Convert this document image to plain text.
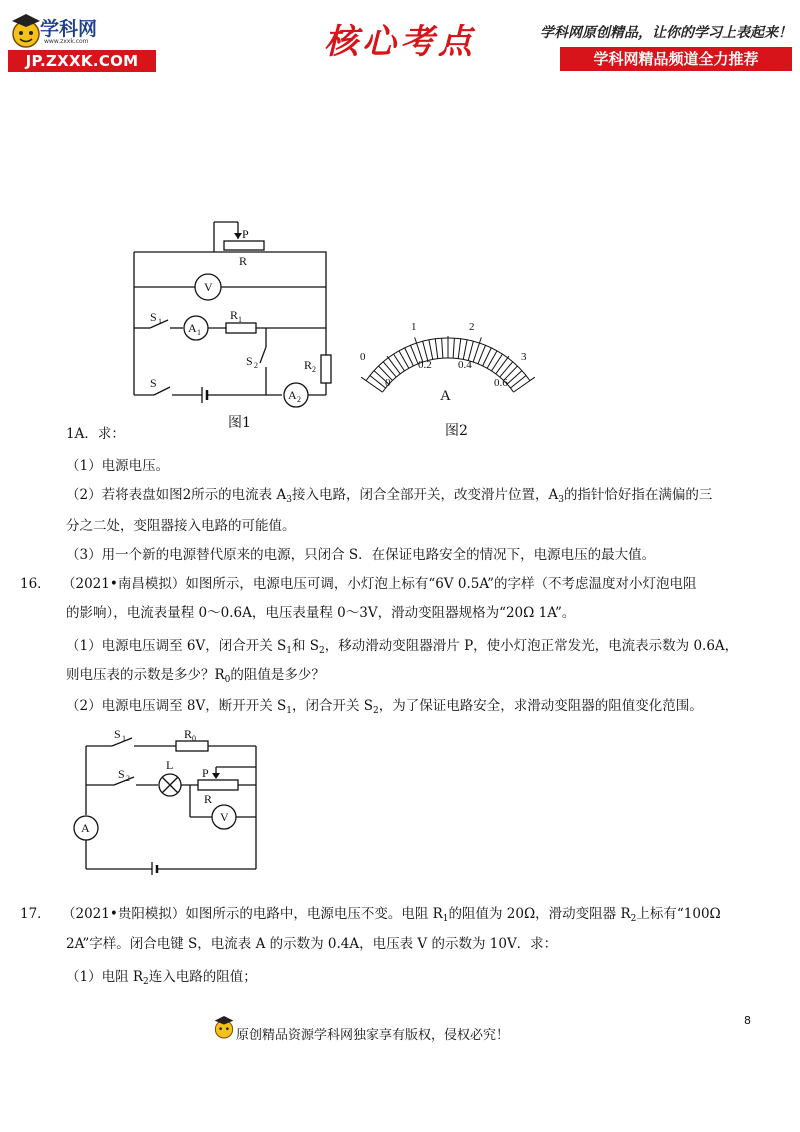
学科网
www.zxxk.com
JP.ZXXK.COM	核心考点	学科网原创精品，让你的学习上表起来！
学科网精品频道全力推荐
P
R
V
S 1 A 1
R 1
S 2	R 2
S
A 2
图1
0
1	2
3
0
0.2 0.4
0.6
A
图2
1A．求：
（1）电源电压。
（2）若将表盘如图2所示的电流表 $A_3$接入电路，闭合全部开关，改变滑片位置，$A_3$的指针恰好指在满偏的三
分之二处，变阻器接入电路的可能值。
（3）用一个新的电源替代原来的电源，只闭合 S．在保证电路安全的情况下，电源电压的最大值。
16． （2021•南昌模拟）如图所示，电源电压可调，小灯泡上标有“6V 0.5A”的字样（不考虑温度对小灯泡电阻
的影响），电流表量程 0～0.6A，电压表量程 0～3V，滑动变阻器规格为“20Ω 1A”。
（1）电源电压调至 6V，闭合开关 $S_1$和 $S_2$，移动滑动变阻器滑片 P，使小灯泡正常发光，电流表示数为 0.6A，
则电压表的示数是多少？$R_0$的阻值是多少？
（2）电源电压调至 8V，断开开关 $S_1$，闭合开关 $S_2$，为了保证电路安全，求滑动变阻器的阻值变化范围。
S 1	R 0
S 2
L
P
R
A
V
17． （2021•贵阳模拟）如图所示的电路中，电源电压不变。电阻 $R_1$的阻值为 20Ω，滑动变阻器 $R_2$上标有“100Ω
2A”字样。闭合电键 S，电流表 A 的示数为 0.4A，电压表 V 的示数为 10V．求：
（1）电阻 $R_2$连入电路的阻值；
8
原创精品资源学科网独家享有版权，侵权必究！
